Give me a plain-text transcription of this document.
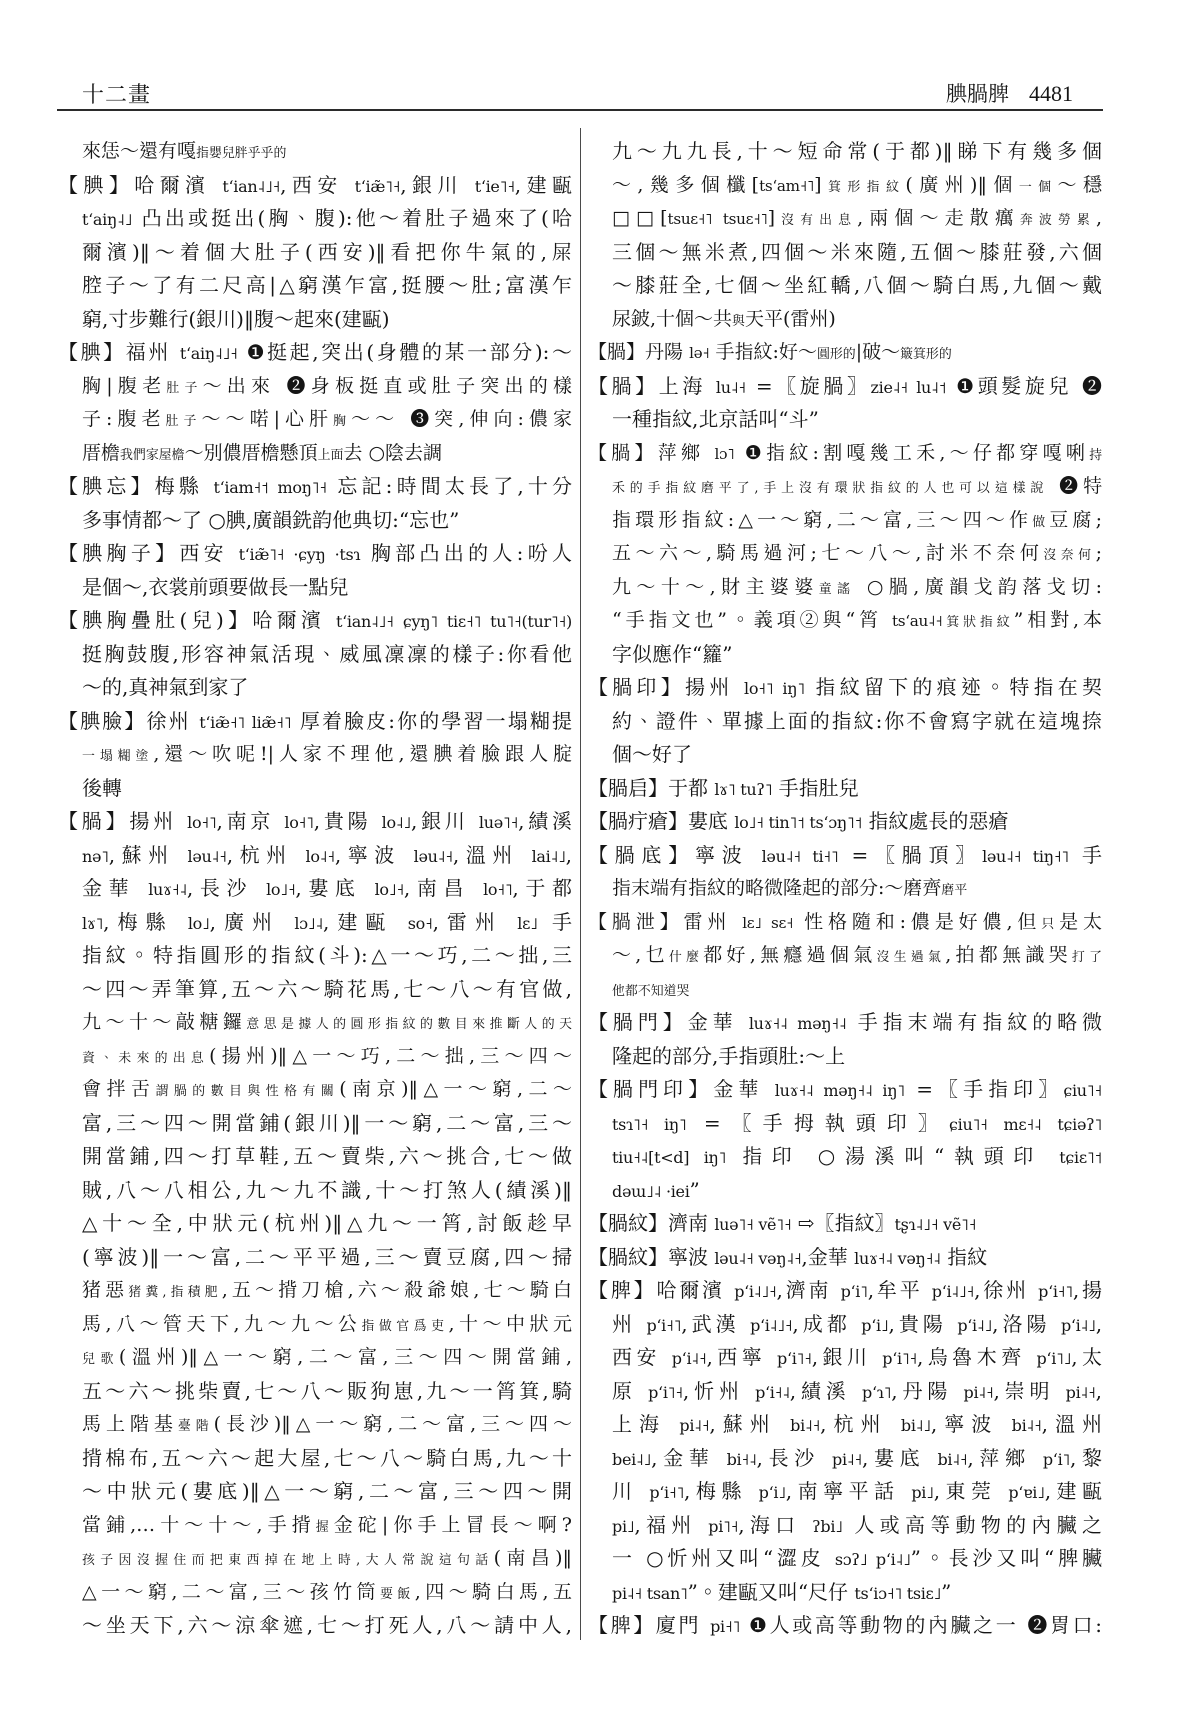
十二畫	腆腡脾 4481
來恁～還有嘎指嬰兒胖乎乎的
【腆】哈爾濱 tʻian˨˩˧,西安 tʻiæ̃˥˧,銀川 tʻie˥˧,建甌
tʻaiŋ˨˩ 凸出或挺出(胸、腹):他～着肚子過來了(哈
爾濱)‖～着個大肚子(西安)‖看把你牛氣的,屎
腔子～了有二尺高|△窮漢乍富,挺腰～肚;富漢乍
窮,寸步難行(銀川)‖腹～起來(建甌)
【腆】福州 tʻaiŋ˨˩˧ ❶挺起,突出(身體的某一部分):～
胸|腹老肚子～出來 ❷身板挺直或肚子突出的樣
子:腹老肚子～～喏|心肝胸～～ ❸突,伸向:儂家
厝檐我們家屋檐～別儂厝檐懸頂上面去 ○陰去調
【腆忘】梅縣 tʻiam˧˦ moŋ˥˧ 忘記:時間太長了,十分
多事情都～了 ○腆,廣韻銑韵他典切:“忘也”
【腆胸子】西安 tʻiæ̃˥˧ ·ɕyŋ ·tsɿ 胸部凸出的人:吩人
是個～,衣裳前頭要做長一點兒
【腆胸疊肚(兒)】哈爾濱 tʻian˨˩˧ ɕyŋ˥ tiɛ˧˥ tu˥˧(tur˥˧)
挺胸鼓腹,形容神氣活現、威風凜凜的樣子:你看他
～的,真神氣到家了
【腆臉】徐州 tʻiæ̃˧˥ liæ̃˧˥ 厚着臉皮:你的學習一塌糊提
一塌糊塗,還～吹呢!|人家不理他,還腆着臉跟人腚
後轉
【腡】揚州 lo˧˥,南京 lo˧˥,貴陽 lo˨˩,銀川 luə˥˧,績溪
nə˥,蘇州 ləu˨˧,杭州 lo˨˧,寧波 ləu˨˧,溫州 lai˨˩,
金華 luɤ˧˨,長沙 lo˩˧,婁底 lo˩˧,南昌 lo˧˥,于都
lɤ˥,梅縣 lo˩,廣州 lɔ˩˨,建甌 so˧,雷州 lɛ˩ 手
指紋。特指圓形的指紋(斗):△一～巧,二～拙,三
～四～弄筆算,五～六～騎花馬,七～八～有官做,
九～十～敲糖鑼意思是據人的圓形指紋的數目來推斷人的天
資、未來的出息(揚州)‖△一～巧,二～拙,三～四～
會拌舌謂腡的數目與性格有關(南京)‖△一～窮,二～
富,三～四～開當鋪(銀川)‖一～窮,二～富,三～
開當鋪,四～打草鞋,五～賣柴,六～挑合,七～做
賊,八～八相公,九～九不識,十～打煞人(績溪)‖
△十～全,中狀元(杭州)‖△九～一筲,討飯趁早
(寧波)‖一～富,二～平平過,三～賣豆腐,四～掃
猪惡猪糞,指積肥,五～揹刀槍,六～殺爺娘,七～騎白
馬,八～管天下,九～九～公指做官爲吏,十～中狀元
兒歌(溫州)‖△一～窮,二～富,三～四～開當鋪,
五～六～挑柴賣,七～八～販狗崽,九～一筲箕,騎
馬上階基臺階(長沙)‖△一～窮,二～富,三～四～
揹棉布,五～六～起大屋,七～八～騎白馬,九～十
～中狀元(婁底)‖△一～窮,二～富,三～四～開
當鋪,…十～十～,手揹握金砣|你手上冒長～啊?
孩子因沒握住而把東西掉在地上時,大人常說這句話(南昌)‖
△一～窮,二～富,三～孩竹筒要飯,四～騎白馬,五
～坐天下,六～涼傘遮,七～打死人,八～請中人,
九～九九長,十～短命常(于都)‖睇下有幾多個
～,幾多個櫼[tsʻam˧˥]箕形指紋(廣州)‖個一個～穩
□□[tsuɛ˧˥ tsuɛ˧˥]沒有出息,兩個～走散癘奔波勞累,
三個～無米煮,四個～米來隨,五個～膝莊發,六個
～膝莊全,七個～坐紅轎,八個～騎白馬,九個～戴
尿鈹,十個～共與天平(雷州)
【腡】丹陽 lə˧ 手指紋:好～圓形的|破～簸箕形的
【腡】上海 lu˨˧ =〖旋腡〗zie˨˧ lu˨˦ ❶頭髮旋兒 ❷
一種指紋,北京話叫“斗”
【腡】萍鄉 lɔ˥ ❶指紋:割嘎幾工禾,～仔都穿嘎唎持
禾的手指紋磨平了,手上沒有環狀指紋的人也可以這樣說 ❷特
指環形指紋:△一～窮,二～富,三～四～作做豆腐;
五～六～,騎馬過河;七～八～,討米不奈何沒奈何;
九～十～,財主婆婆童謠 ○腡,廣韻戈韵落戈切:
“手指文也”。義項②與“筲 tsʻau˨˧箕狀指紋”相對,本
字似應作“籮”
【腡印】揚州 lo˧˥ iŋ˥ 指紋留下的痕迹。特指在契
約、證件、單據上面的指紋:你不會寫字就在這塊捺
個～好了
【腡启】于都 lɤ˥ tuʔ˥ 手指肚兒
【腡疔瘡】婁底 lo˩˧ tin˥˦ tsʻɔŋ˥˦ 指紋處長的惡瘡
【腡底】寧波 ləu˨˧ ti˧˥ =〖腡頂〗ləu˨˧ tiŋ˧˥ 手
指末端有指紋的略微隆起的部分:～磨齊磨平
【腡泄】雷州 lɛ˩ sɛ˧ 性格隨和:儂是好儂,但只是太
～,乜什麼都好,無癮過個氣沒生過氣,拍都無識哭打了
他都不知道哭
【腡門】金華 luɤ˧˨ məŋ˧˨ 手指末端有指紋的略微
隆起的部分,手指頭肚:～上
【腡門印】金華 luɤ˧˨ məŋ˧˨ iŋ˥ =〖手指印〗ɕiu˥˧
tsɿ˥˧ iŋ˥ =〖手拇執頭印〗ɕiu˥˧ mɛ˧˨ tɕiəʔ˥
tiu˧˨[t<d] iŋ˥ 指印 ○湯溪叫“執頭印 tɕiɛ˥˦
dəɯ˩˨ ·iei”
【腡紋】濟南 luə˥˧ vẽ˥˧ ⇨〖指紋〗tʂɿ˨˩˧ vẽ˥˧
【腡紋】寧波 ləu˨˧ vəŋ˨˧,金華 luɤ˧˨ vəŋ˧˨ 指紋
【脾】哈爾濱 pʻi˨˩˧,濟南 pʻi˥,牟平 pʻi˨˩˧,徐州 pʻi˧˥,揚
州 pʻi˧˥,武漢 pʻi˨˩˧,成都 pʻi˩,貴陽 pʻi˨˩,洛陽 pʻi˨˩,
西安 pʻi˨˧,西寧 pʻi˥˧,銀川 pʻi˥˧,烏魯木齊 pʻi˥˩,太
原 pʻi˥˧,忻州 pʻi˧˨,績溪 pʻɿ˥,丹陽 pi˨˧,崇明 pi˨˧,
上海 pi˨˧,蘇州 bi˨˧,杭州 bi˨˩,寧波 bi˨˧,溫州
bei˨˩,金華 bi˧˨,長沙 pi˨˧,婁底 bi˨˧,萍鄉 pʻi˥,黎
川 pʻi˧˥,梅縣 pʻi˩,南寧平話 pi˩,東莞 pʻɐi˩,建甌
pi˩,福州 pi˥˧,海口 ʔbi˩ 人或高等動物的內臟之
一 ○忻州又叫“澀皮 sɔʔ˩ pʻi˨˩”。長沙又叫“脾臟
pi˨˧ tsan˥”。建甌又叫“尺仔 tsʻiɔ˧˥ tsiɛ˩”
【脾】廈門 pi˧˥ ❶人或高等動物的內臟之一 ❷胃口:
